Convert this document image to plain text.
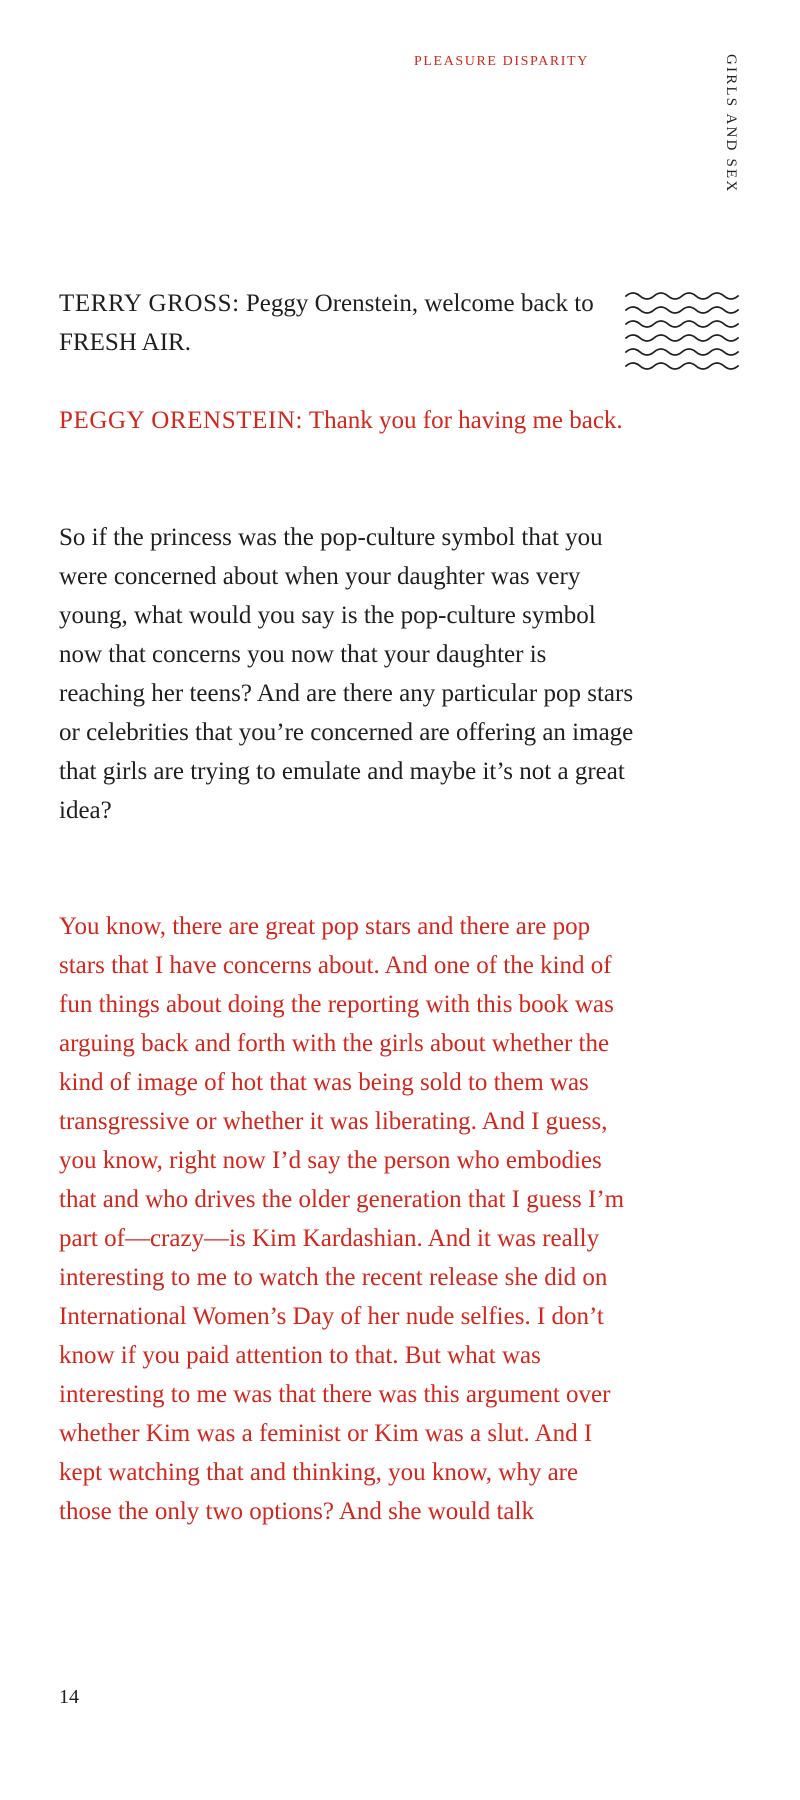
PLEASURE DISPARITY	GIRLS AND SEX

TERRY GROSS: Peggy Orenstein, welcome back to FRESH AIR.

PEGGY ORENSTEIN: Thank you for having me back.

So if the princess was the pop-culture symbol that you were concerned about when your daughter was very young, what would you say is the pop-culture symbol now that concerns you now that your daughter is reaching her teens? And are there any particular pop stars or celebrities that you’re concerned are offering an image that girls are trying to emulate and maybe it’s not a great idea?

You know, there are great pop stars and there are pop stars that I have concerns about. And one of the kind of fun things about doing the reporting with this book was arguing back and forth with the girls about whether the kind of image of hot that was being sold to them was transgressive or whether it was liberating. And I guess, you know, right now I’d say the person who embodies that and who drives the older generation that I guess I’m part of—crazy—is Kim Kardashian. And it was really interesting to me to watch the recent release she did on International Women’s Day of her nude selfies. I don’t know if you paid attention to that. But what was interesting to me was that there was this argument over whether Kim was a feminist or Kim was a slut. And I kept watching that and thinking, you know, why are those the only two options? And she would talk

14
